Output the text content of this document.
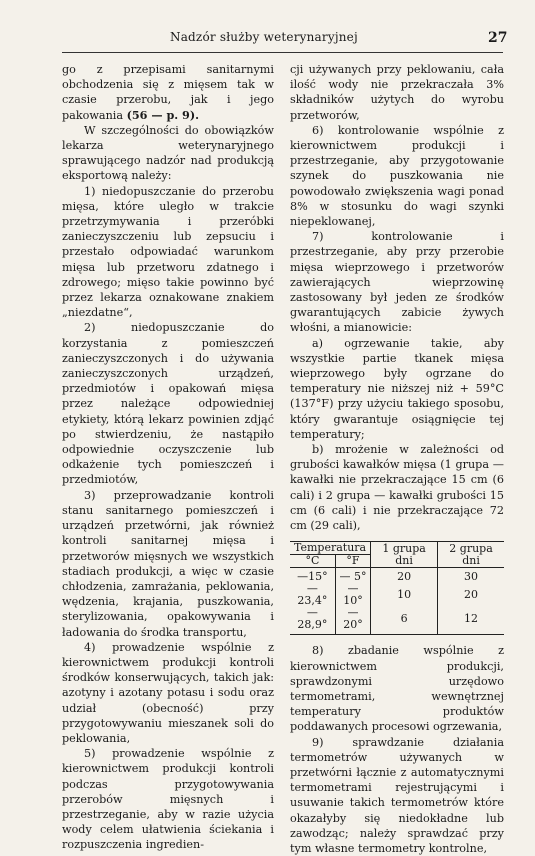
Nadzór służby weterynaryjnej	27

go z przepisami sanitarnymi obchodzenia się z mięsem tak w czasie przerobu, jak i jego pakowania (56 — p. 9).

W szczególności do obowiązków lekarza weterynaryjnego sprawującego nadzór nad produkcją eksportową należy:

1) niedopuszczanie do przerobu mięsa, które uległo w trakcie przetrzymywania i przeróbki zanieczyszczeniu lub zepsuciu i przestało odpowiadać warunkom mięsa lub przetworu zdatnego i zdrowego; mięso takie powinno być przez lekarza oznakowane znakiem „niezdatne“,

2) niedopuszczanie do korzystania z pomieszczeń zanieczyszczonych i do używania zanieczyszczonych urządzeń, przedmiotów i opakowań mięsa przez należące odpowiedniej etykiety, którą lekarz powinien zdjąć po stwierdzeniu, że nastąpiło odpowiednie oczyszczenie lub odkażenie tych pomieszczeń i przedmiotów,

3) przeprowadzanie kontroli stanu sanitarnego pomieszczeń i urządzeń przetwórni, jak również kontroli sanitarnej mięsa i przetworów mięsnych we wszystkich stadiach produkcji, a więc w czasie chłodzenia, zamrażania, peklowania, wędzenia, krajania, puszkowania, sterylizowania, opakowywania i ładowania do środka transportu,

4) prowadzenie wspólnie z kierownictwem produkcji kontroli środków konserwujących, takich jak: azotyny i azotany potasu i sodu oraz udział (obecność) przy przygotowywaniu mieszanek soli do peklowania,

5) prowadzenie wspólnie z kierownictwem produkcji kontroli podczas przygotowywania przerobów mięsnych i przestrzeganie, aby w razie użycia wody celem ułatwienia ściekania i rozpuszczenia ingredien-

cji używanych przy peklowaniu, cała ilość wody nie przekraczała 3% składników użytych do wyrobu przetworów,

6) kontrolowanie wspólnie z kierownictwem produkcji i przestrzeganie, aby przygotowanie szynek do puszkowania nie powodowało zwiększenia wagi ponad 8% w stosunku do wagi szynki niepeklowanej,

7) kontrolowanie i przestrzeganie, aby przy przerobie mięsa wieprzowego i przetworów zawierających wieprzowinę zastosowany był jeden ze środków gwarantujących zabicie żywych włośni, a mianowicie:

a) ogrzewanie takie, aby wszystkie partie tkanek mięsa wieprzowego były ogrzane do temperatury nie niższej niż + 59°C (137°F) przy użyciu takiego sposobu, który gwarantuje osiągnięcie tej temperatury;

b) mrożenie w zależności od grubości kawałków mięsa (1 grupa — kawałki nie przekraczające 15 cm (6 cali) i 2 grupa — kawałki grubości 15 cm (6 cali) i nie przekraczające 72 cm (29 cali),

Temperatura		1 grupa dni	2 grupa dni
°C	°F		
—15°	— 5°	20	30
—23,4°	—10°	10	20
—28,9°	—20°	6	12

8) zbadanie wspólnie z kierownictwem produkcji, sprawdzonymi urzędowo termometrami, wewnętrznej temperatury produktów poddawanych procesowi ogrzewania,

9) sprawdzanie działania termometrów używanych w przetwórni łącznie z automatycznymi termometrami rejestrującymi i usuwanie takich termometrów które okazałyby się niedokładne lub zawodząc; należy sprawdzać przy tym własne termometry kontrolne,
